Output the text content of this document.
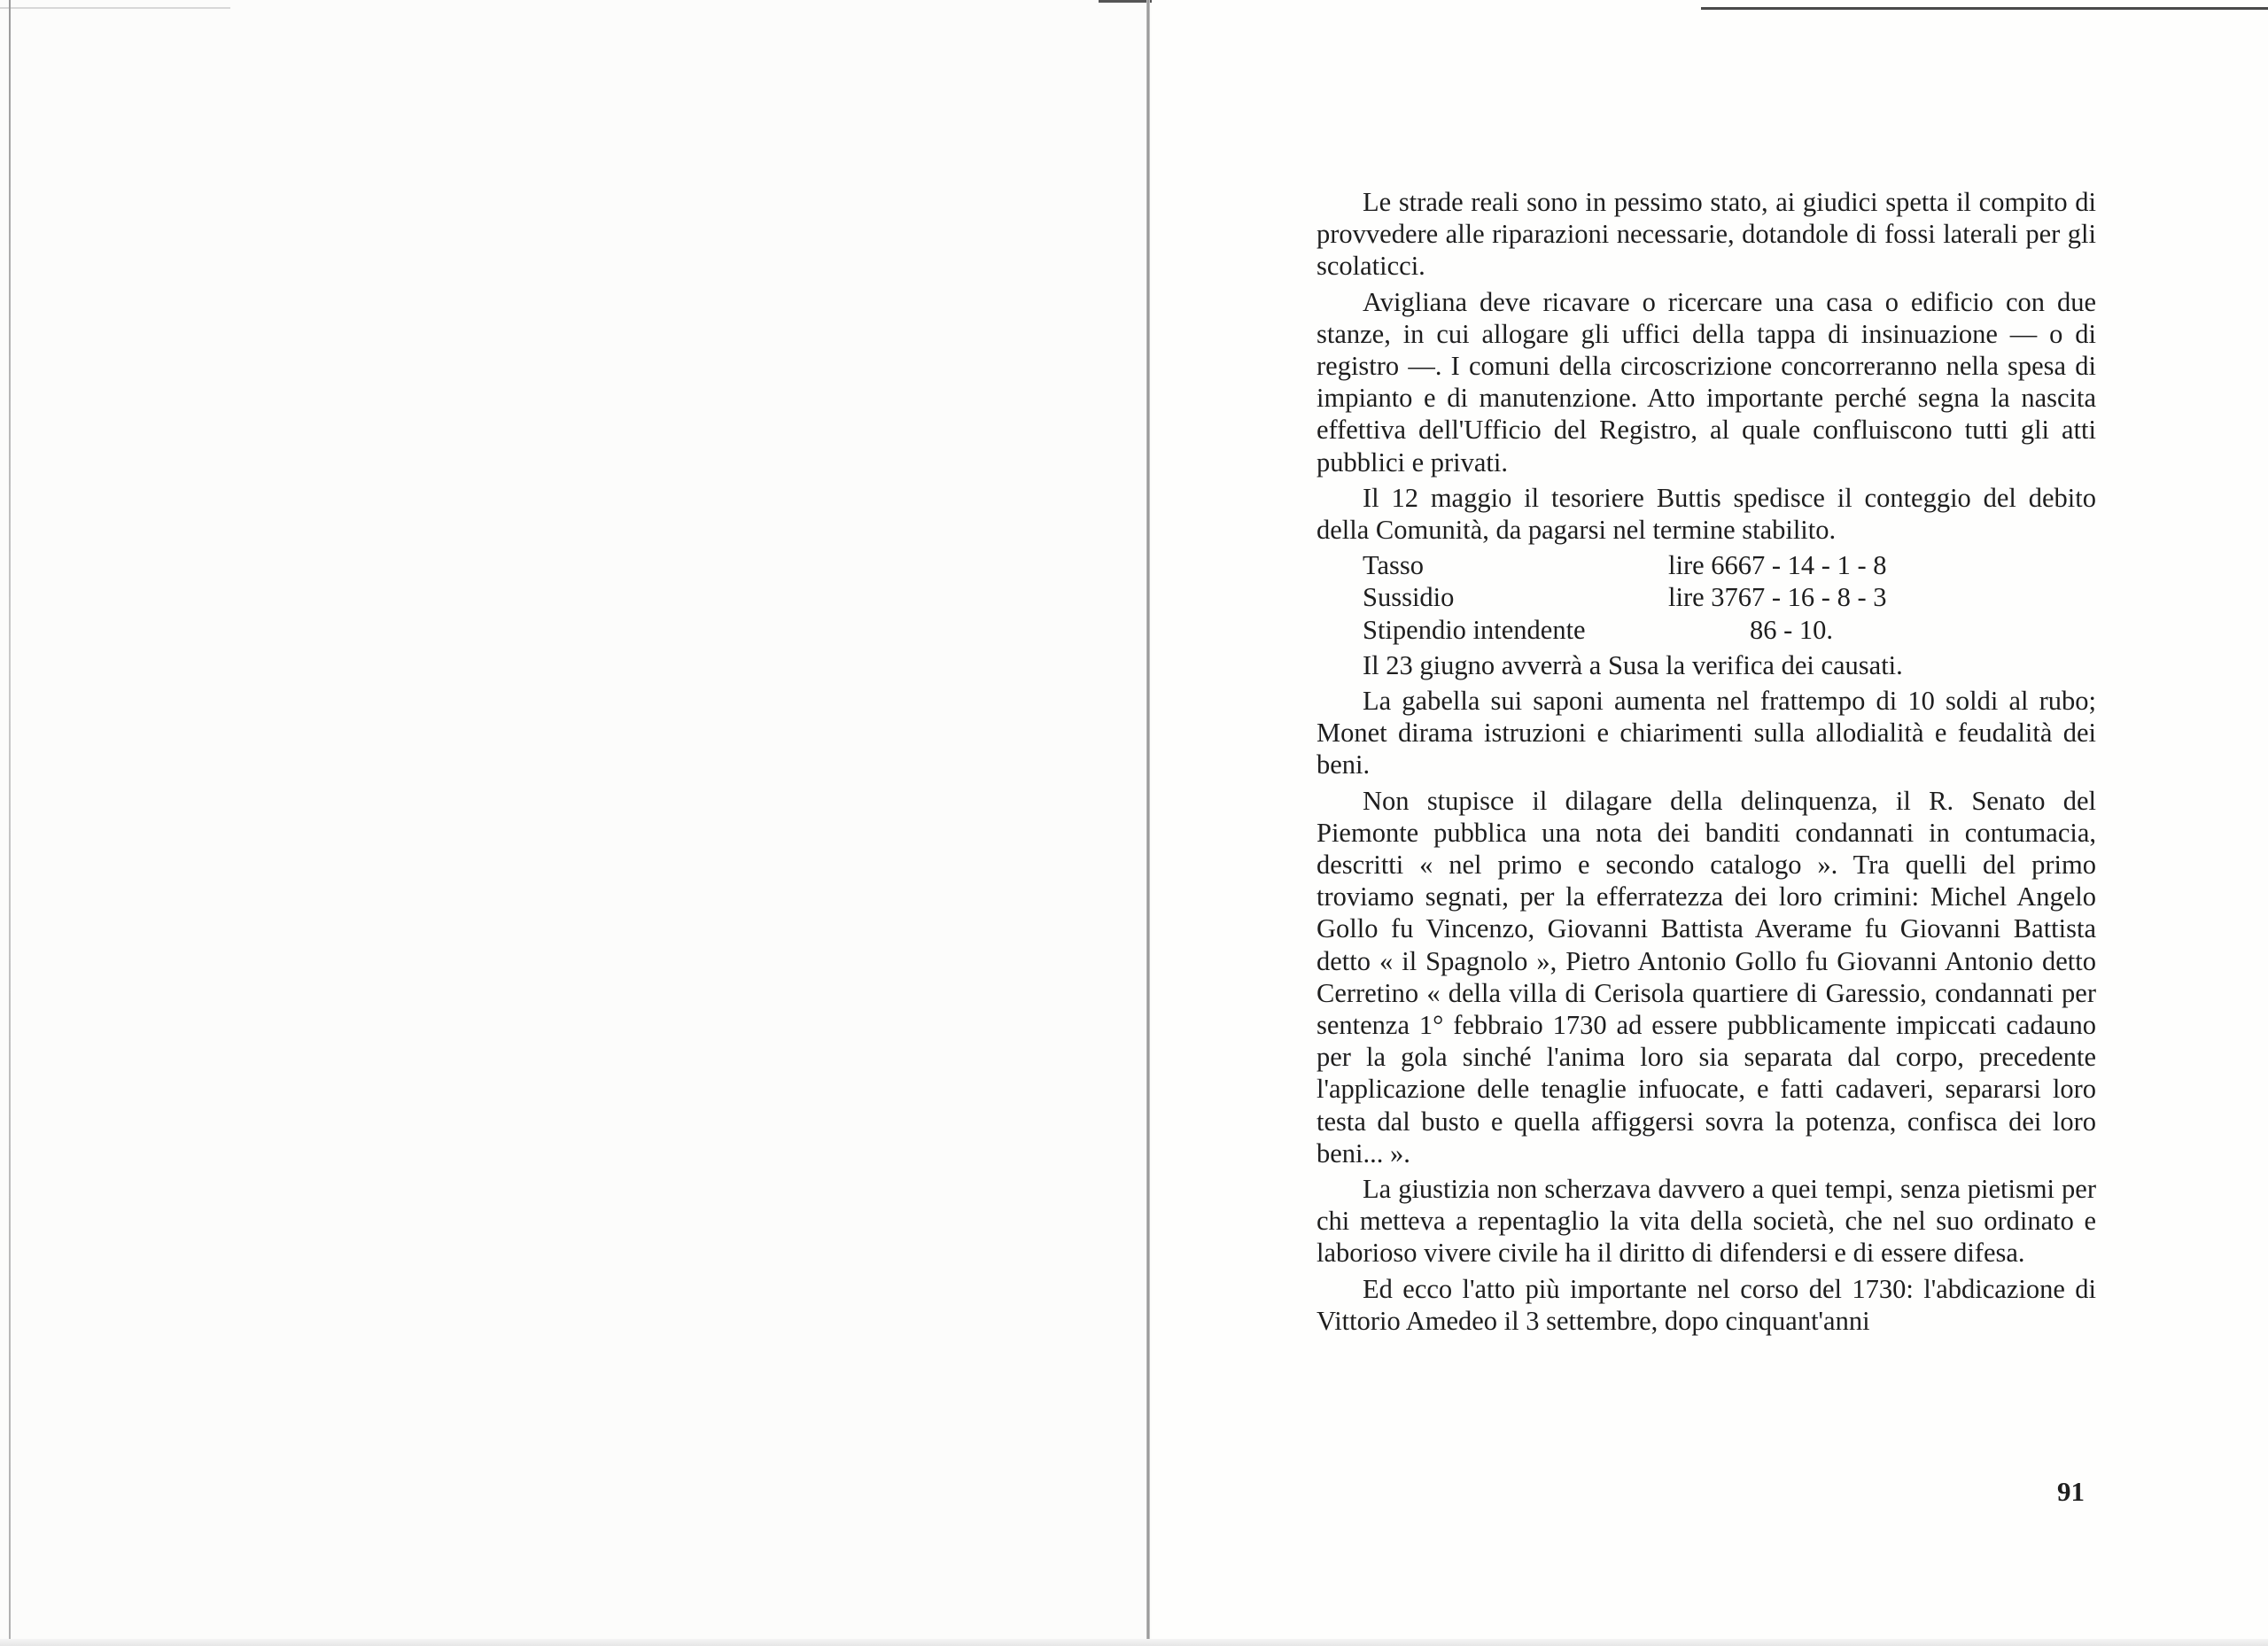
Le strade reali sono in pessimo stato, ai giudici spetta il compito di provvedere alle riparazioni necessarie, dotandole di fossi laterali per gli scolaticci.

Avigliana deve ricavare o ricercare una casa o edificio con due stanze, in cui allogare gli uffici della tappa di insinuazione — o di registro —. I comuni della circoscrizione concorreranno nella spesa di impianto e di manutenzione. Atto importante perché segna la nascita effettiva dell'Ufficio del Registro, al quale confluiscono tutti gli atti pubblici e privati.

Il 12 maggio il tesoriere Buttis spedisce il conteggio del debito della Comunità, da pagarsi nel termine stabilito.

Tasso	lire 6667 - 14 - 1 - 8
Sussidio	lire 3767 - 16 - 8 - 3
Stipendio intendente	86 - 10.

Il 23 giugno avverrà a Susa la verifica dei causati.

La gabella sui saponi aumenta nel frattempo di 10 soldi al rubo; Monet dirama istruzioni e chiarimenti sulla allodialità e feudalità dei beni.

Non stupisce il dilagare della delinquenza, il R. Senato del Piemonte pubblica una nota dei banditi condannati in contumacia, descritti « nel primo e secondo catalogo ». Tra quelli del primo troviamo segnati, per la efferratezza dei loro crimini: Michel Angelo Gollo fu Vincenzo, Giovanni Battista Averame fu Giovanni Battista detto « il Spagnolo », Pietro Antonio Gollo fu Giovanni Antonio detto Cerretino « della villa di Cerisola quartiere di Garessio, condannati per sentenza 1° febbraio 1730 ad essere pubblicamente impiccati cadauno per la gola sinché l'anima loro sia separata dal corpo, precedente l'applicazione delle tenaglie infuocate, e fatti cadaveri, separarsi loro testa dal busto e quella affiggersi sovra la potenza, confisca dei loro beni... ».

La giustizia non scherzava davvero a quei tempi, senza pietismi per chi metteva a repentaglio la vita della società, che nel suo ordinato e laborioso vivere civile ha il diritto di difendersi e di essere difesa.

Ed ecco l'atto più importante nel corso del 1730: l'abdicazione di Vittorio Amedeo il 3 settembre, dopo cinquant'anni

91
